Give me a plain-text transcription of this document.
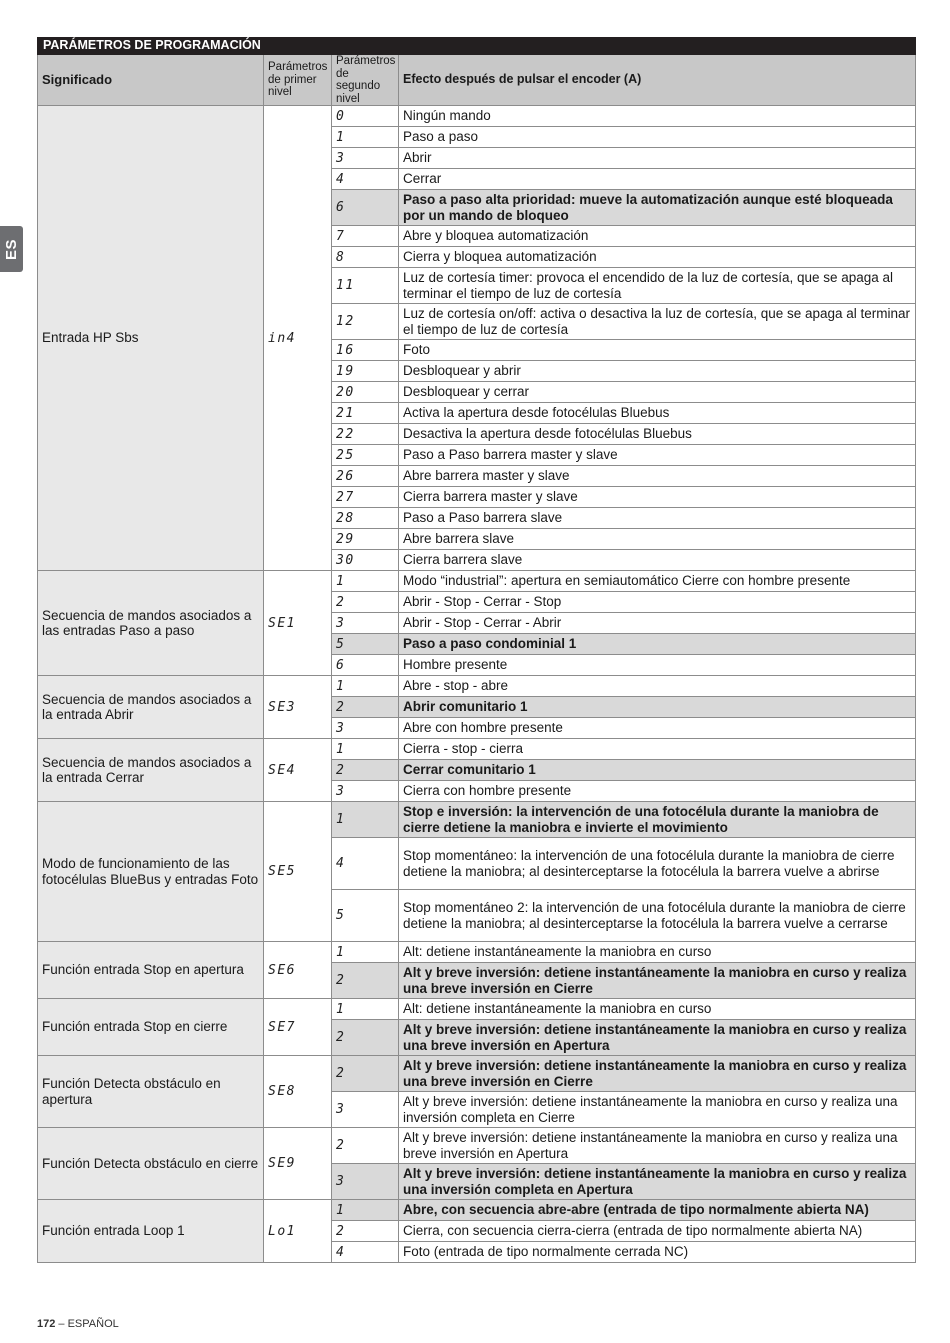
ES
PARÁMETROS DE PROGRAMACIÓN			
Significado	Parámetros de primer nivel	Parámetros de segundo nivel	Efecto después de pulsar el encoder (A)
Entrada HP Sbs	in4	0	Ningún mando
		1	Paso a paso
		3	Abrir
		4	Cerrar
		6	Paso a paso alta prioridad: mueve la automatización aunque esté bloqueada por un mando de bloqueo
		7	Abre y bloquea automatización
		8	Cierra y bloquea automatización
		11	Luz de cortesía timer: provoca el encendido de la luz de cortesía, que se apaga al terminar el tiempo de luz de cortesía
		12	Luz de cortesía on/off: activa o desactiva la luz de cortesía, que se apaga al terminar el tiempo de luz de cortesía
		16	Foto
		19	Desbloquear y abrir
		20	Desbloquear y cerrar
		21	Activa la apertura desde fotocélulas Bluebus
		22	Desactiva la apertura desde fotocélulas Bluebus
		25	Paso a Paso barrera master y slave
		26	Abre barrera master y slave
		27	Cierra barrera master y slave
		28	Paso a Paso barrera slave
		29	Abre barrera slave
		30	Cierra barrera slave
Secuencia de mandos asociados a las entradas Paso a paso	SE1	1	Modo “industrial”: apertura en semiautomático Cierre con hombre presente
		2	Abrir - Stop - Cerrar - Stop
		3	Abrir - Stop - Cerrar - Abrir
		5	Paso a paso condominial 1
		6	Hombre presente
Secuencia de mandos asociados a la entrada Abrir	SE3	1	Abre - stop - abre
		2	Abrir comunitario 1
		3	Abre con hombre presente
Secuencia de mandos asociados a la entrada Cerrar	SE4	1	Cierra - stop - cierra
		2	Cerrar comunitario 1
		3	Cierra con hombre presente
Modo de funcionamiento de las fotocélulas BlueBus y entradas Foto	SE5	1	Stop e inversión: la intervención de una fotocélula durante la maniobra de cierre detiene la maniobra e invierte el movimiento
		4	Stop momentáneo: la intervención de una fotocélula durante la maniobra de cierre detiene la maniobra; al desinterceptarse la fotocélula la barrera vuelve a abrirse
		5	Stop momentáneo 2: la intervención de una fotocélula durante la maniobra de cierre detiene la maniobra; al desinterceptarse la fotocélula la barrera vuelve a cerrarse
Función entrada Stop en apertura	SE6	1	Alt: detiene instantáneamente la maniobra en curso
		2	Alt y breve inversión: detiene instantáneamente la maniobra en curso y realiza una breve inversión en Cierre
Función entrada Stop en cierre	SE7	1	Alt: detiene instantáneamente la maniobra en curso
		2	Alt y breve inversión: detiene instantáneamente la maniobra en curso y realiza una breve inversión en Apertura
Función Detecta obstáculo en apertura	SE8	2	Alt y breve inversión: detiene instantáneamente la maniobra en curso y realiza una breve inversión en Cierre
		3	Alt y breve inversión: detiene instantáneamente la maniobra en curso y realiza una inversión completa en Cierre
Función Detecta obstáculo en cierre	SE9	2	Alt y breve inversión: detiene instantáneamente la maniobra en curso y realiza una breve inversión en Apertura
		3	Alt y breve inversión: detiene instantáneamente la maniobra en curso y realiza una inversión completa en Apertura
Función entrada Loop 1	Lo1	1	Abre, con secuencia abre-abre (entrada de tipo normalmente abierta NA)
		2	Cierra, con secuencia cierra-cierra (entrada de tipo normalmente abierta NA)
		4	Foto (entrada de tipo normalmente cerrada NC)
172 – ESPAÑOL
